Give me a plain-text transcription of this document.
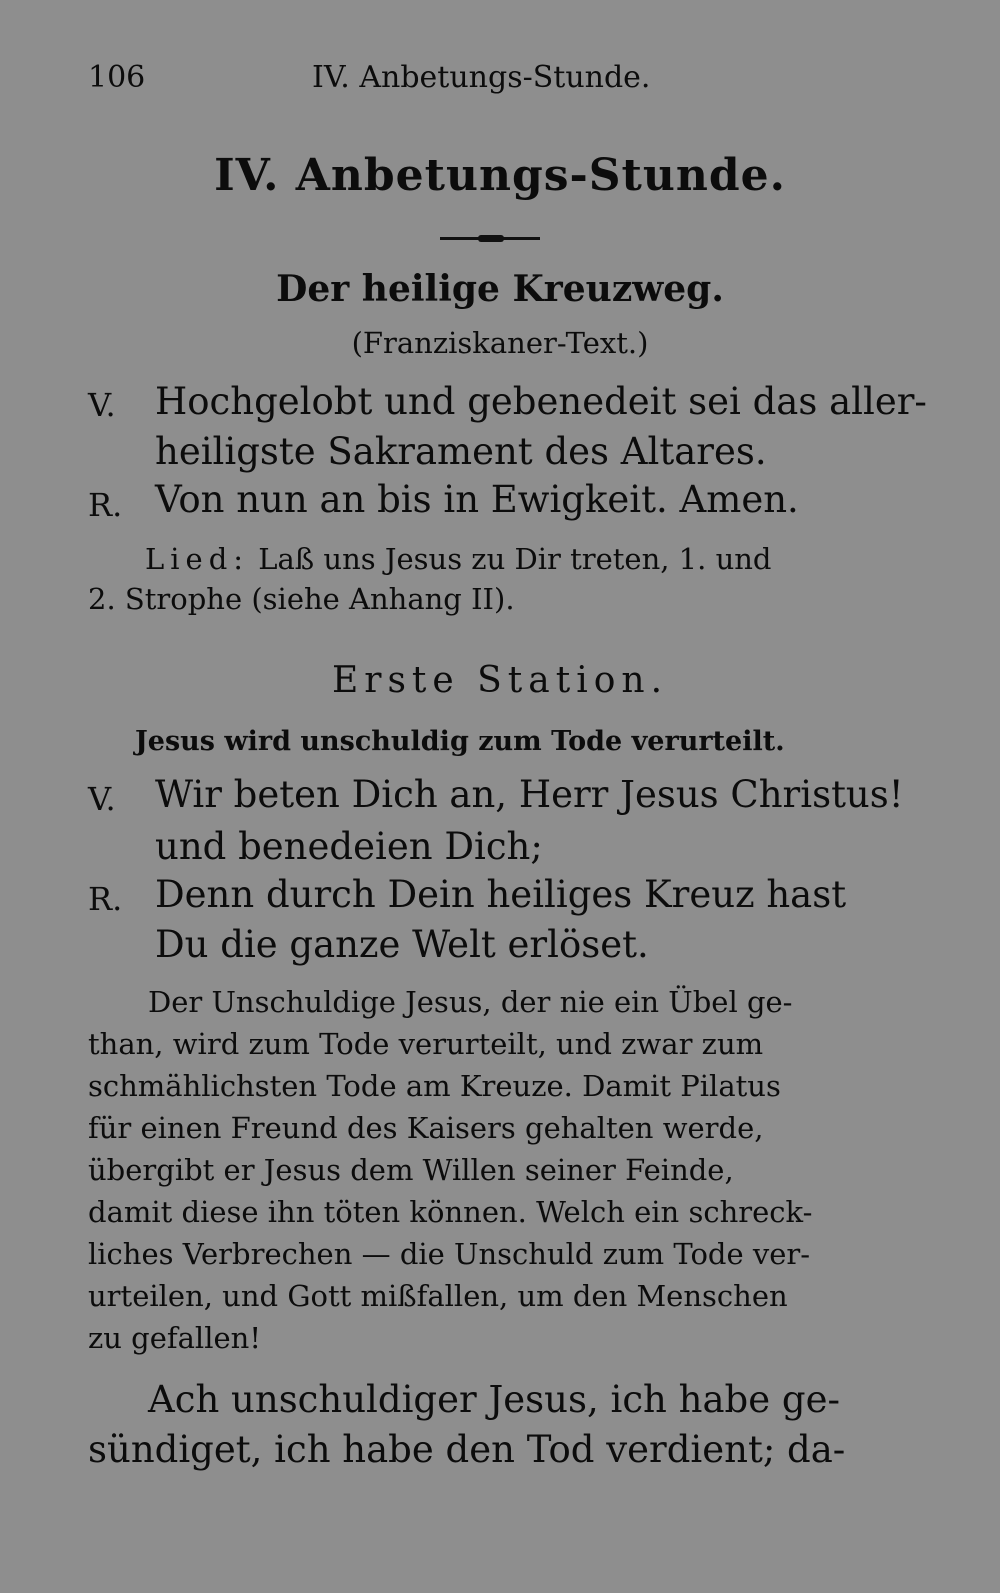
106	IV. Anbetungs-Stunde.
IV. Anbetungs-Stunde.
Der heilige Kreuzweg.
(Franziskaner-Text.)
V. Hochgelobt und gebenedeit sei das aller-
heiligste Sakrament des Altares.
R. Von nun an bis in Ewigkeit. Amen.
Lied: Laß uns Jesus zu Dir treten, 1. und
2. Strophe (siehe Anhang II).
Erste Station.
Jesus wird unschuldig zum Tode verurteilt.
V. Wir beten Dich an, Herr Jesus Christus!
und benedeien Dich;
R. Denn durch Dein heiliges Kreuz hast
Du die ganze Welt erlöset.
Der Unschuldige Jesus, der nie ein Übel ge-
than, wird zum Tode verurteilt, und zwar zum
schmählichsten Tode am Kreuze. Damit Pilatus
für einen Freund des Kaisers gehalten werde,
übergibt er Jesus dem Willen seiner Feinde,
damit diese ihn töten können. Welch ein schreck-
liches Verbrechen — die Unschuld zum Tode ver-
urteilen, und Gott mißfallen, um den Menschen
zu gefallen!
Ach unschuldiger Jesus, ich habe ge-
sündiget, ich habe den Tod verdient; da-
